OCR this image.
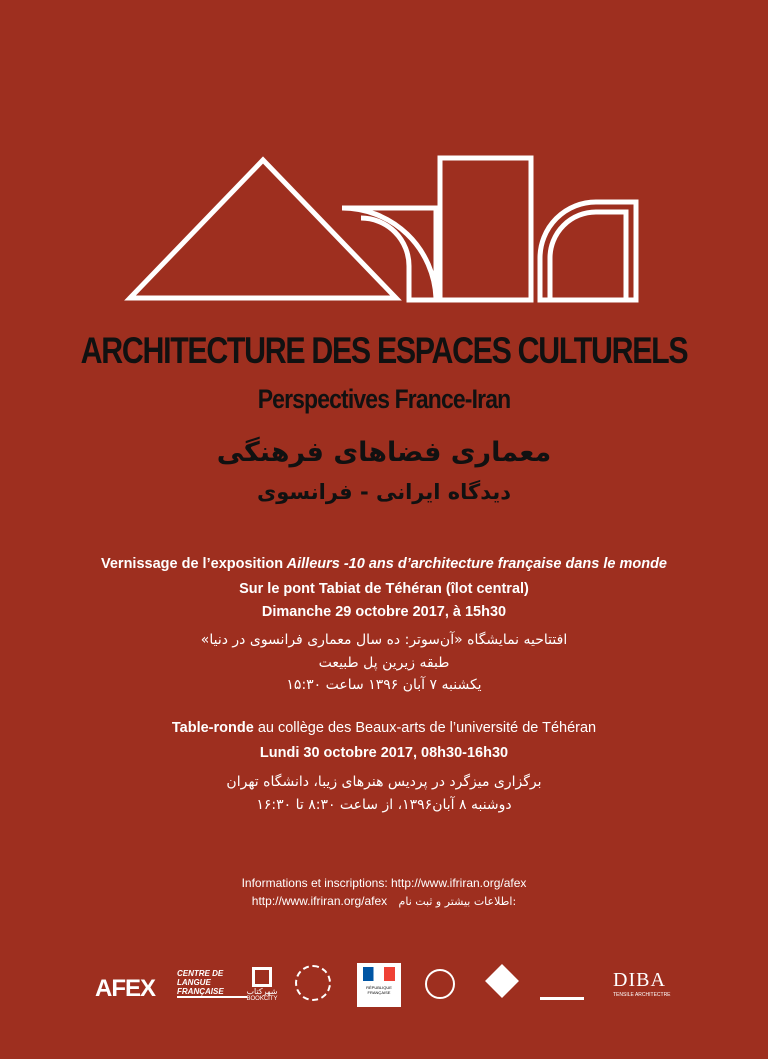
ARCHITECTURE DES ESPACES CULTURELS
Perspectives France-Iran
معماری فضاهای فرهنگی
دیدگاه ایرانی - فرانسوی
Vernissage de l’exposition Ailleurs -10 ans d’architecture française dans le monde
Sur le pont Tabiat de Téhéran (îlot central)
Dimanche 29 octobre 2017, à 15h30
افتتاحیه نمایشگاه «آن‌سوتر: ده سال معماری فرانسوی در دنیا»
طبقه زیرین پل طبیعت
یکشنبه ۷ آبان ۱۳۹۶ ساعت ۱۵:۳۰
Table-ronde au collège des Beaux-arts de l’université de Téhéran
Lundi 30 octobre 2017, 08h30-16h30
برگزاری میزگرد در پردیس هنرهای زیبا، دانشگاه تهران
دوشنبه ۸ آبان۱۳۹۶، از ساعت ۸:۳۰ تا ۱۶:۳۰
Informations et inscriptions: http://www.ifriran.org/afex
http://www.ifriran.org/afex اطلاعات بیشتر و ثبت نام:
AFEX
CENTRE DE LANGUE FRANÇAISE	شهرکتاب
BOOKCITY
RÉPUBLIQUE FRANÇAISE
DIBA
TENSILE ARCHITECTRE
